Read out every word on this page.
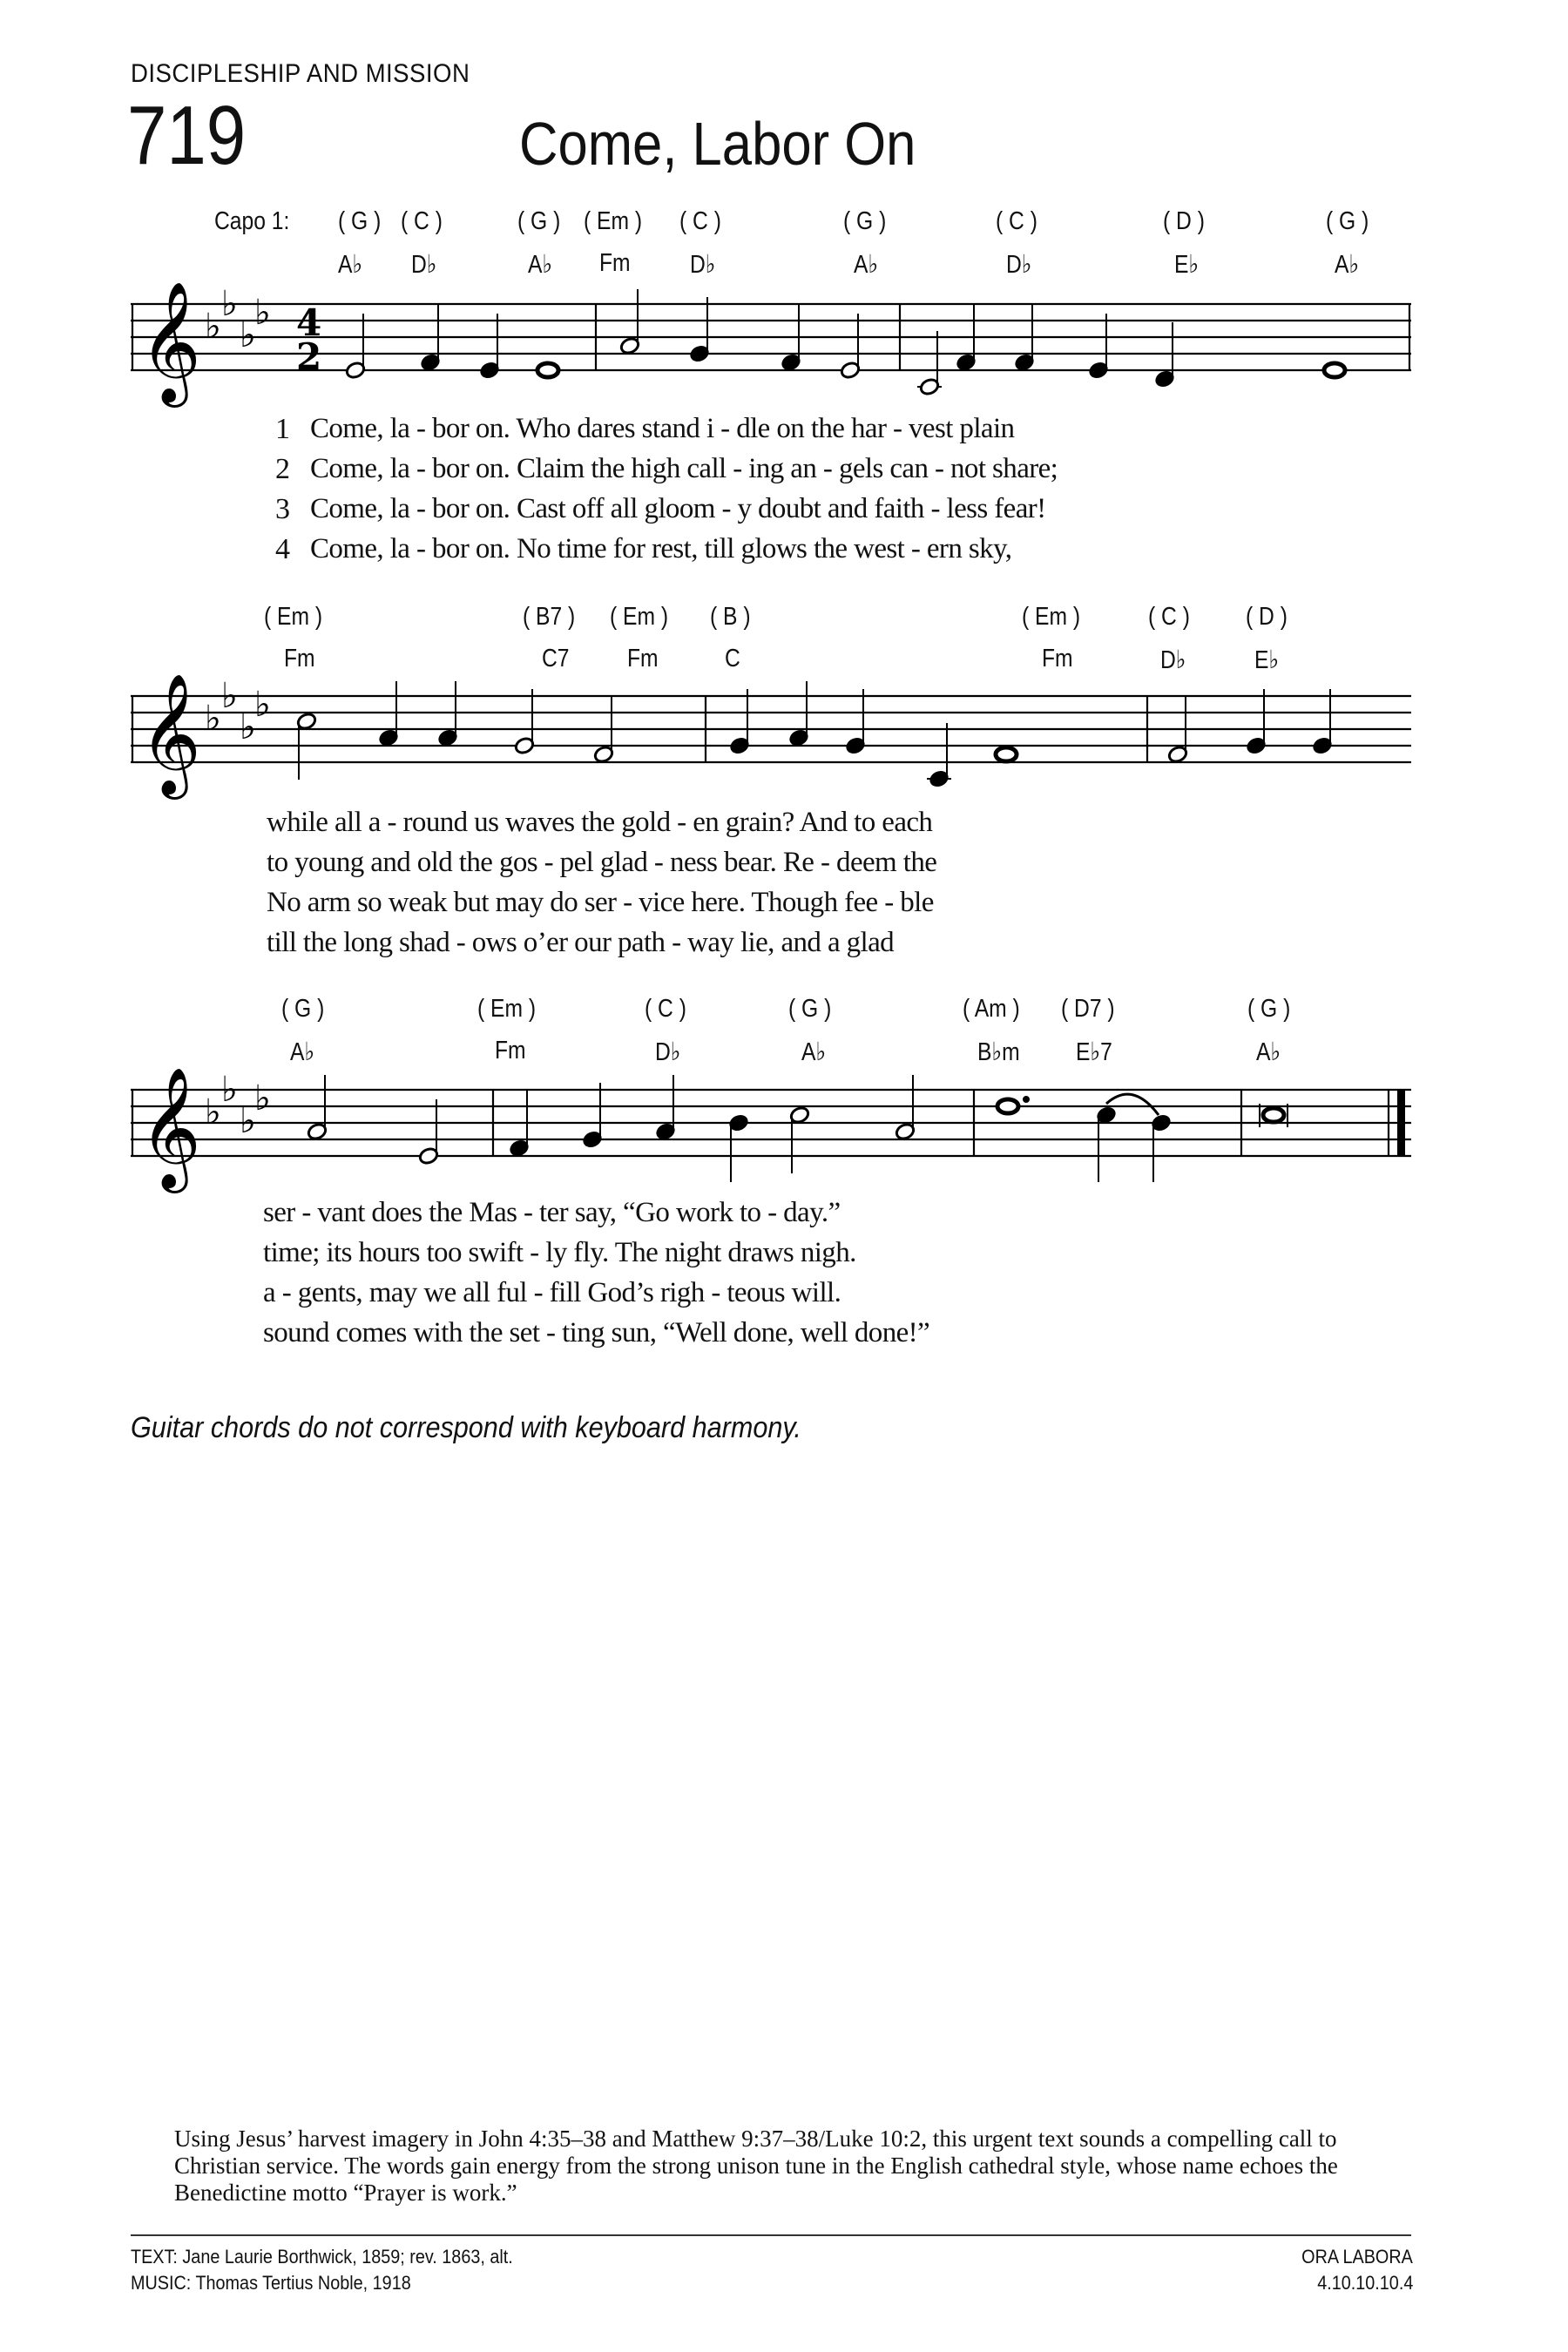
DISCIPLESHIP AND MISSION
719	Come, Labor On
Capo 1: ( G ) ( C )	( G ) ( Em ) ( C )	( G )	( C )	( D )	( G )
A♭ D♭	A♭ Fm D♭	A♭	D♭	E♭	A♭
𝄞 ♭
♭
♭
♭ 4
2
1
2
3
4
Come, la - bor on. Who dares stand i - dle on the har - vest plain
Come, la - bor on. Claim the high call - ing an - gels can - not share;
Come, la - bor on. Cast off all gloom - y doubt and faith - less fear!
Come, la - bor on. No time for rest, till glows the west - ern sky,
( Em )	( B7 ) ( Em ) ( B )	( Em )	( C ) ( D )
Fm	C7 Fm	C	Fm	D♭	E♭
𝄞 ♭
♭
♭
♭
while all a - round us waves the gold - en grain? And to each
to young and old the gos - pel glad - ness bear. Re - deem the
No arm so weak but may do ser - vice here. Though fee - ble
till the long shad - ows o’er our path - way lie, and a glad
( G )	( Em )	( C )	( G )	( Am ) ( D7 )	( G )
A♭	Fm	D♭	A♭	B♭m E♭7	A♭
𝄞 ♭
♭
♭
♭
ser - vant does the Mas - ter say, “Go work to - day.”
time; its hours too swift - ly fly. The night draws nigh.
a - gents, may we all ful - fill God’s righ - teous will.
sound comes with the set - ting sun, “Well done, well done!”
Guitar chords do not correspond with keyboard harmony.
Using Jesus’ harvest imagery in John 4:35–38 and Matthew 9:37–38/Luke 10:2, this urgent text sounds a compelling call to Christian service. The words gain energy from the strong unison tune in the English cathedral style, whose name echoes the Benedictine motto “Prayer is work.”
TEXT: Jane Laurie Borthwick, 1859; rev. 1863, alt.
MUSIC: Thomas Tertius Noble, 1918
ORA LABORA
4.10.10.10.4
